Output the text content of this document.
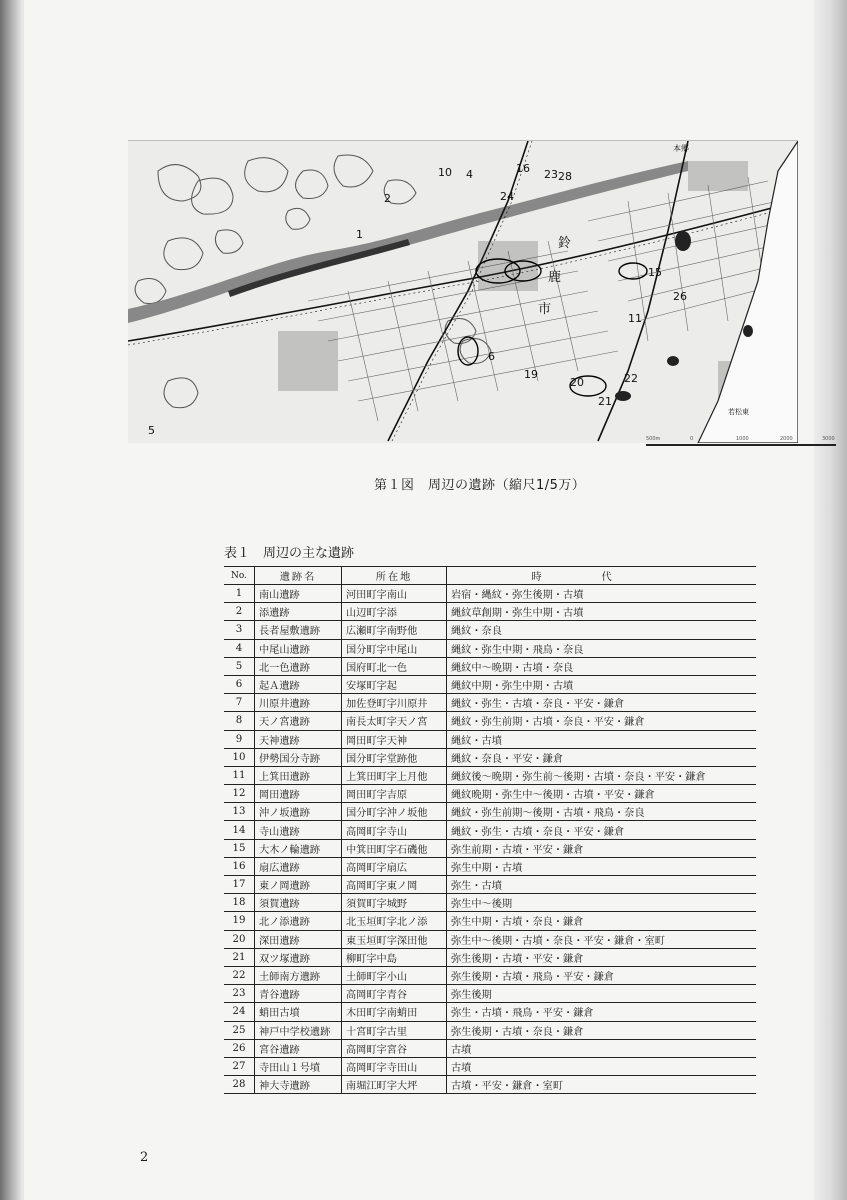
1
2
4
5
6
10
11
15
16
19
20
21
22
23
24
26
28
鈴
鹿
市
本郷
若松東
500m	0	1000	2000	3000
第１図　周辺の遺跡（縮尺1/5万）
表１　周辺の主な遺跡
No.	遺跡名	所在地	時代
1	南山遺跡	河田町字南山	岩宿・縄紋・弥生後期・古墳
2	添遺跡	山辺町字添	縄紋草創期・弥生中期・古墳
3	長者屋敷遺跡	広瀬町字南野他	縄紋・奈良
4	中尾山遺跡	国分町字中尾山	縄紋・弥生中期・飛鳥・奈良
5	北一色遺跡	国府町北一色	縄紋中～晩期・古墳・奈良
6	起Ａ遺跡	安塚町字起	縄紋中期・弥生中期・古墳
7	川原井遺跡	加佐登町字川原井	縄紋・弥生・古墳・奈良・平安・鎌倉
8	天ノ宮遺跡	南長太町字天ノ宮	縄紋・弥生前期・古墳・奈良・平安・鎌倉
9	天神遺跡	岡田町字天神	縄紋・古墳
10	伊勢国分寺跡	国分町字堂跡他	縄紋・奈良・平安・鎌倉
11	上箕田遺跡	上箕田町字上月他	縄紋後～晩期・弥生前～後期・古墳・奈良・平安・鎌倉
12	岡田遺跡	岡田町字吉原	縄紋晩期・弥生中～後期・古墳・平安・鎌倉
13	沖ノ坂遺跡	国分町字沖ノ坂他	縄紋・弥生前期～後期・古墳・飛鳥・奈良
14	寺山遺跡	高岡町字寺山	縄紋・弥生・古墳・奈良・平安・鎌倉
15	大木ノ輪遺跡	中箕田町字石磯他	弥生前期・古墳・平安・鎌倉
16	扇広遺跡	高岡町字扇広	弥生中期・古墳
17	東ノ岡遺跡	高岡町字東ノ岡	弥生・古墳
18	須賀遺跡	須賀町字城野	弥生中～後期
19	北ノ添遺跡	北玉垣町字北ノ添	弥生中期・古墳・奈良・鎌倉
20	深田遺跡	東玉垣町字深田他	弥生中～後期・古墳・奈良・平安・鎌倉・室町
21	双ツ塚遺跡	柳町字中島	弥生後期・古墳・平安・鎌倉
22	土師南方遺跡	土師町字小山	弥生後期・古墳・飛鳥・平安・鎌倉
23	青谷遺跡	高岡町字青谷	弥生後期
24	蛸田古墳	木田町字南蛸田	弥生・古墳・飛鳥・平安・鎌倉
25	神戸中学校遺跡	十宮町字古里	弥生後期・古墳・奈良・鎌倉
26	宮谷遺跡	高岡町字宮谷	古墳
27	寺田山１号墳	高岡町字寺田山	古墳
28	神大寺遺跡	南堀江町字大坪	古墳・平安・鎌倉・室町
2
